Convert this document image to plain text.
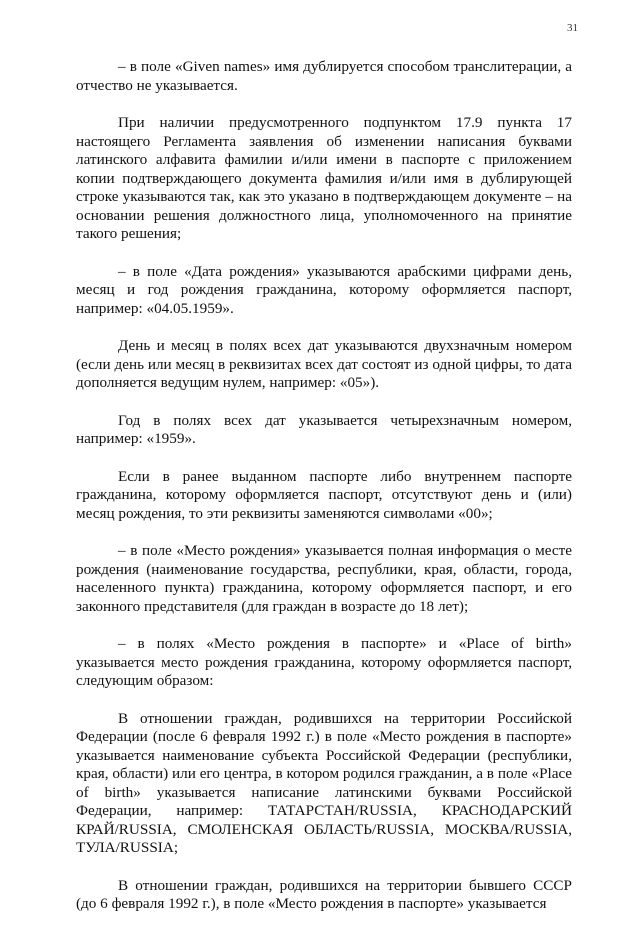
31

– в поле «Given names» имя дублируется способом транслитерации, а отчество не указывается.

При наличии предусмотренного подпунктом 17.9 пункта 17 настоящего Регламента заявления об изменении написания буквами латинского алфавита фамилии и/или имени в паспорте с приложением копии подтверждающего документа фамилия и/или имя в дублирующей строке указываются так, как это указано в подтверждающем документе – на основании решения должностного лица, уполномоченного на принятие такого решения;

– в поле «Дата рождения» указываются арабскими цифрами день, месяц и год рождения гражданина, которому оформляется паспорт, например: «04.05.1959».

День и месяц в полях всех дат указываются двухзначным номером (если день или месяц в реквизитах всех дат состоят из одной цифры, то дата дополняется ведущим нулем, например: «05»).

Год в полях всех дат указывается четырехзначным номером, например: «1959».

Если в ранее выданном паспорте либо внутреннем паспорте гражданина, которому оформляется паспорт, отсутствуют день и (или) месяц рождения, то эти реквизиты заменяются символами «00»;

– в поле «Место рождения» указывается полная информация о месте рождения (наименование государства, республики, края, области, города, населенного пункта) гражданина, которому оформляется паспорт, и его законного представителя (для граждан в возрасте до 18 лет);

– в полях «Место рождения в паспорте» и «Place of birth» указывается место рождения гражданина, которому оформляется паспорт, следующим образом:

В отношении граждан, родившихся на территории Российской Федерации (после 6 февраля 1992 г.) в поле «Место рождения в паспорте» указывается наименование субъекта Российской Федерации (республики, края, области) или его центра, в котором родился гражданин, а в поле «Place of birth» указывается написание латинскими буквами Российской Федерации, например: ТАТАРСТАН/RUSSIA, КРАСНОДАРСКИЙ КРАЙ/RUSSIA, СМОЛЕНСКАЯ ОБЛАСТЬ/RUSSIA, МОСКВА/RUSSIA, ТУЛА/RUSSIA;

В отношении граждан, родившихся на территории бывшего СССР (до 6 февраля 1992 г.), в поле «Место рождения в паспорте» указывается
